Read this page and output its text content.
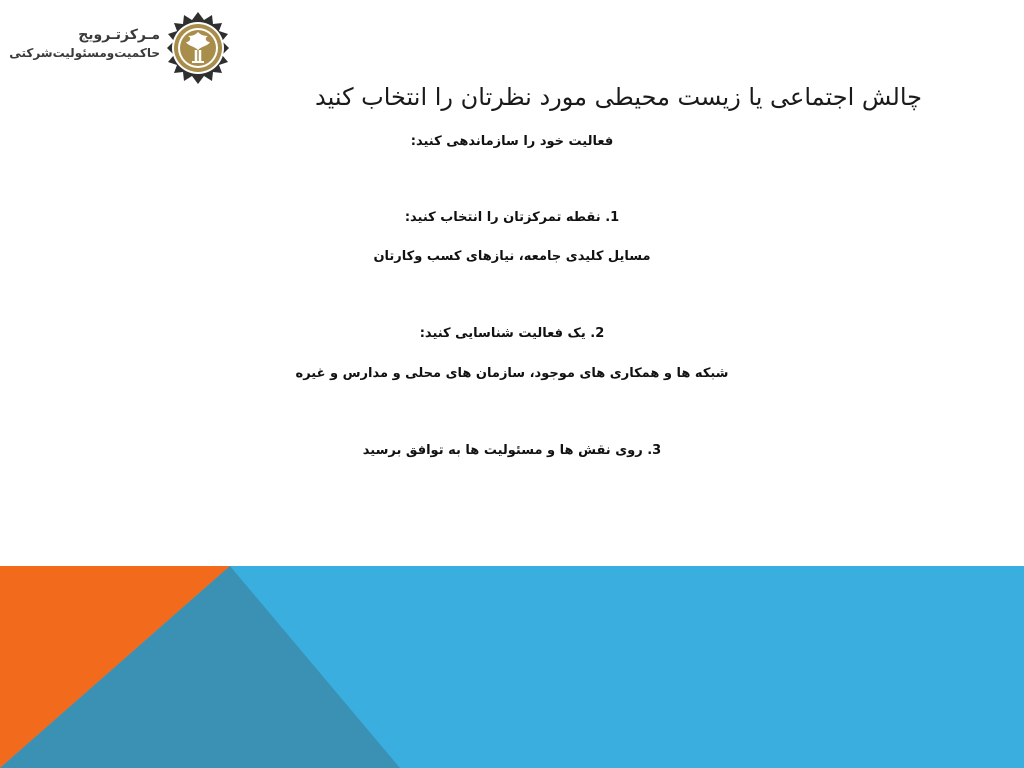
مـرکزتـرویج
حاکمیت‌ومسئولیت‌شرکتی
چالش اجتماعی یا زیست محیطی مورد نظرتان را انتخاب کنید
فعالیت خود را سازماندهی کنید:
1. نقطه تمرکزتان را انتخاب کنید:
مسایل کلیدی جامعه، نیازهای کسب وکارتان
2. یک فعالیت شناسایی کنید:
شبکه ها و همکاری های موجود، سازمان های محلی و مدارس و غیره
3. روی نقش ها و مسئولیت ها به توافق برسید
